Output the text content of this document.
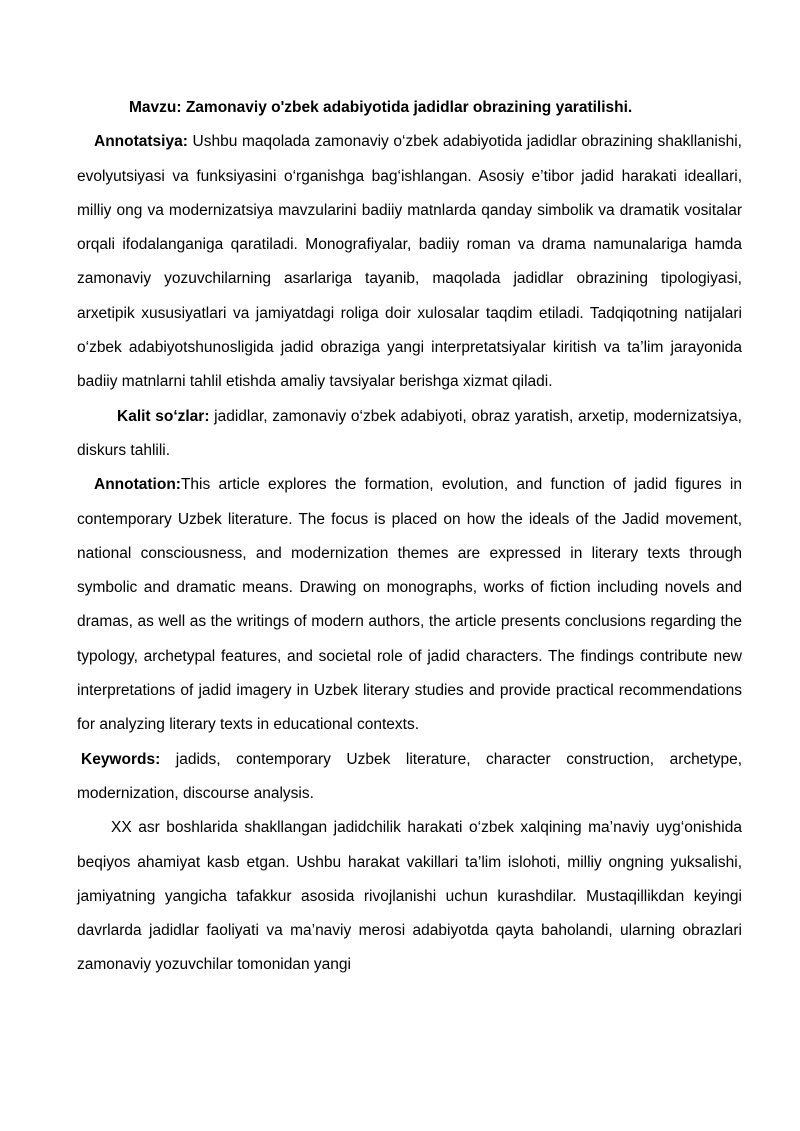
Mavzu: Zamonaviy o'zbek adabiyotida jadidlar obrazining yaratilishi.

Annotatsiya: Ushbu maqolada zamonaviy o‘zbek adabiyotida jadidlar obrazining shakllanishi, evolyutsiyasi va funksiyasini o‘rganishga bag‘ishlangan. Asosiy e’tibor jadid harakati ideallari, milliy ong va modernizatsiya mavzularini badiiy matnlarda qanday simbolik va dramatik vositalar orqali ifodalanganiga qaratiladi. Monografiyalar, badiiy roman va drama namunalariga hamda zamonaviy yozuvchilarning asarlariga tayanib, maqolada jadidlar obrazining tipologiyasi, arxetipik xususiyatlari va jamiyatdagi roliga doir xulosalar taqdim etiladi. Tadqiqotning natijalari o‘zbek adabiyotshunosligida jadid obraziga yangi interpretatsiyalar kiritish va ta’lim jarayonida badiiy matnlarni tahlil etishda amaliy tavsiyalar berishga xizmat qiladi.

Kalit so‘zlar: jadidlar, zamonaviy o‘zbek adabiyoti, obraz yaratish, arxetip, modernizatsiya, diskurs tahlili.

Annotation:This article explores the formation, evolution, and function of jadid figures in contemporary Uzbek literature. The focus is placed on how the ideals of the Jadid movement, national consciousness, and modernization themes are expressed in literary texts through symbolic and dramatic means. Drawing on monographs, works of fiction including novels and dramas, as well as the writings of modern authors, the article presents conclusions regarding the typology, archetypal features, and societal role of jadid characters. The findings contribute new interpretations of jadid imagery in Uzbek literary studies and provide practical recommendations for analyzing literary texts in educational contexts.

Keywords: jadids, contemporary Uzbek literature, character construction, archetype, modernization, discourse analysis.

XX asr boshlarida shakllangan jadidchilik harakati o‘zbek xalqining ma’naviy uyg‘onishida beqiyos ahamiyat kasb etgan. Ushbu harakat vakillari ta’lim islohoti, milliy ongning yuksalishi, jamiyatning yangicha tafakkur asosida rivojlanishi uchun kurashdilar. Mustaqillikdan keyingi davrlarda jadidlar faoliyati va ma’naviy merosi adabiyotda qayta baholandi, ularning obrazlari zamonaviy yozuvchilar tomonidan yangi
